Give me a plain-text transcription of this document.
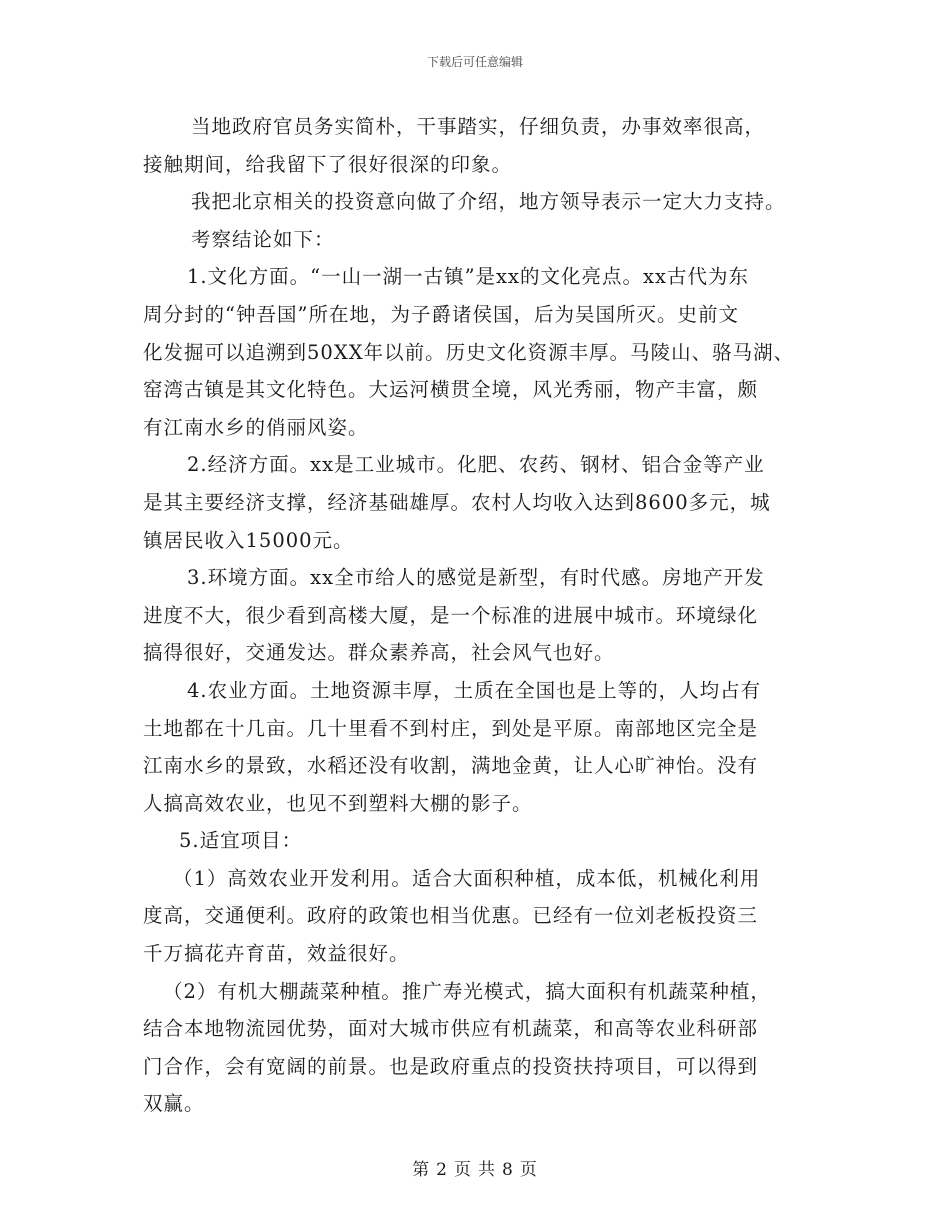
下载后可任意编辑

当地政府官员务实简朴，干事踏实，仔细负责，办事效率很高，
接触期间，给我留下了很好很深的印象。

我把北京相关的投资意向做了介绍，地方领导表示一定大力支持。

考察结论如下：

1.文化方面。“一山一湖一古镇”是xx的文化亮点。xx古代为东
周分封的“钟吾国”所在地，为子爵诸侯国，后为吴国所灭。史前文
化发掘可以追溯到50XX年以前。历史文化资源丰厚。马陵山、骆马湖、
窑湾古镇是其文化特色。大运河横贯全境，风光秀丽，物产丰富，颇
有江南水乡的俏丽风姿。

2.经济方面。xx是工业城市。化肥、农药、钢材、铝合金等产业
是其主要经济支撑，经济基础雄厚。农村人均收入达到8600多元，城
镇居民收入15000元。

3.环境方面。xx全市给人的感觉是新型，有时代感。房地产开发
进度不大，很少看到高楼大厦，是一个标准的进展中城市。环境绿化
搞得很好，交通发达。群众素养高，社会风气也好。

4.农业方面。土地资源丰厚，土质在全国也是上等的，人均占有
土地都在十几亩。几十里看不到村庄，到处是平原。南部地区完全是
江南水乡的景致，水稻还没有收割，满地金黄，让人心旷神怡。没有
人搞高效农业，也见不到塑料大棚的影子。

5.适宜项目：

（1）高效农业开发利用。适合大面积种植，成本低，机械化利用
度高，交通便利。政府的政策也相当优惠。已经有一位刘老板投资三
千万搞花卉育苗，效益很好。

（2）有机大棚蔬菜种植。推广寿光模式，搞大面积有机蔬菜种植，
结合本地物流园优势，面对大城市供应有机蔬菜，和高等农业科研部
门合作，会有宽阔的前景。也是政府重点的投资扶持项目，可以得到
双赢。

第 2 页 共 8 页
